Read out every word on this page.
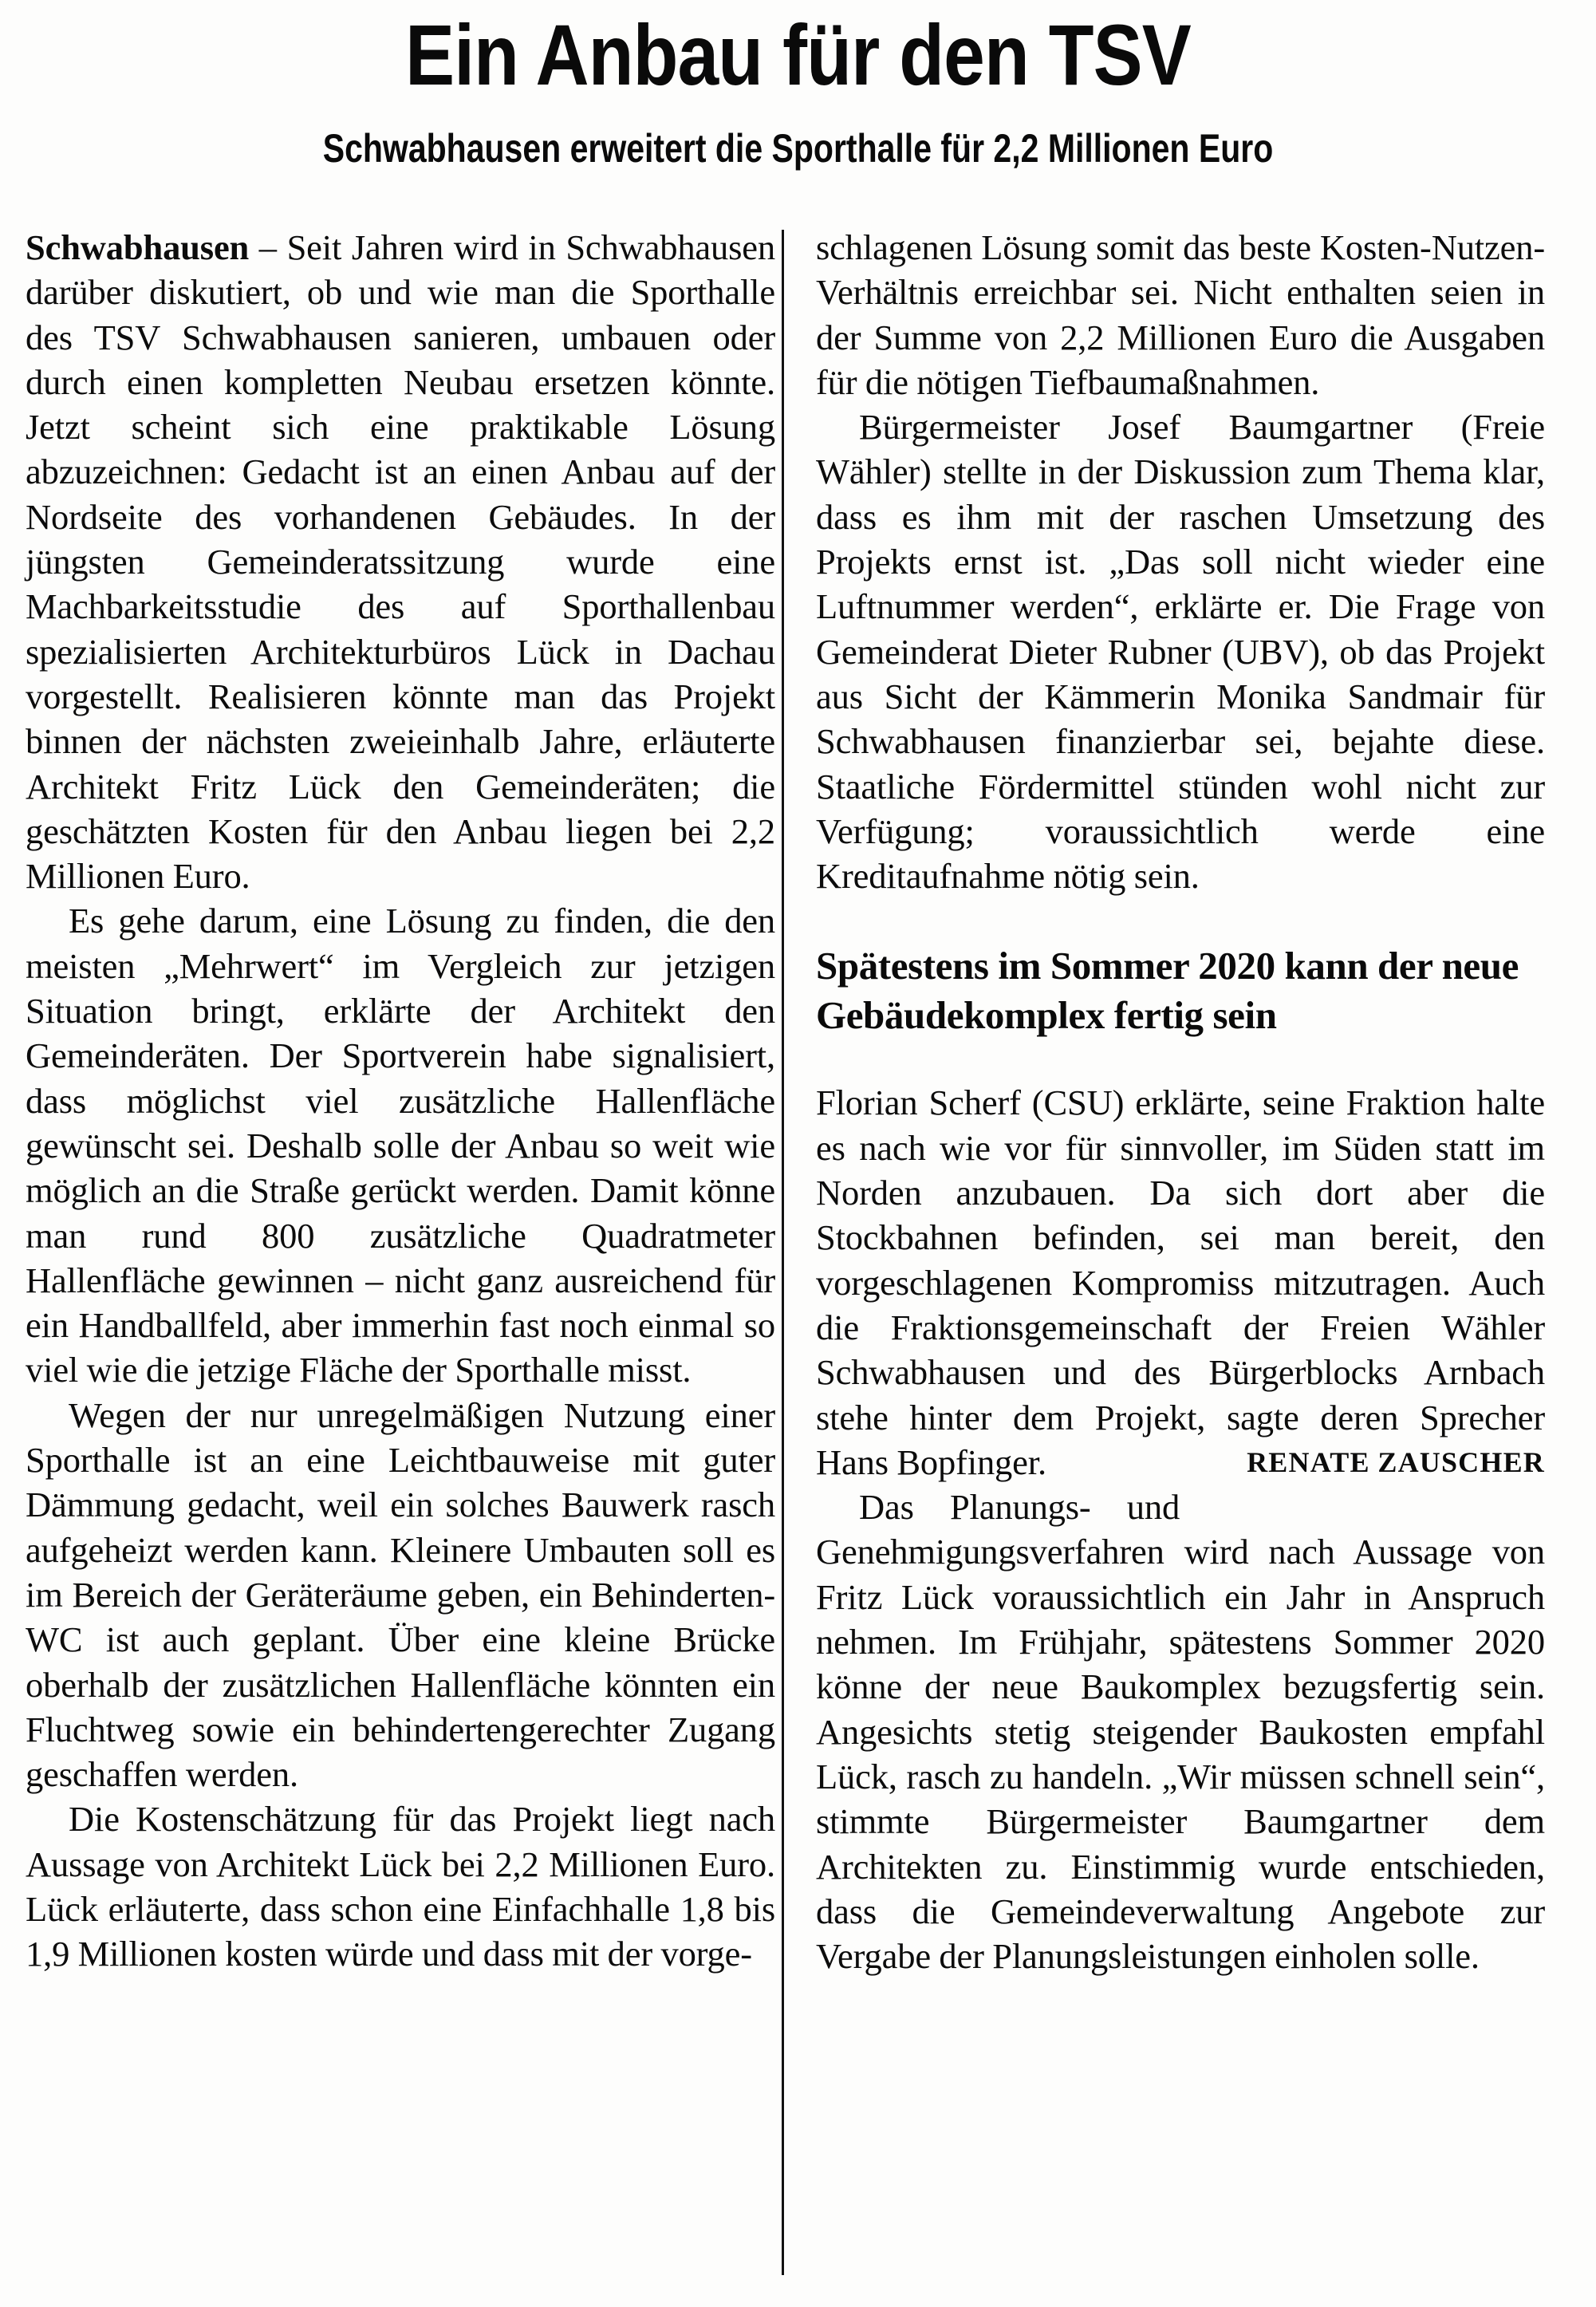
Ein Anbau für den TSV
Schwabhausen erweitert die Sporthalle für 2,2 Millionen Euro

Schwabhausen – Seit Jahren wird in Schwabhausen darüber diskutiert, ob und wie man die Sporthalle des TSV Schwabhausen sanieren, umbauen oder durch einen kompletten Neubau ersetzen könnte. Jetzt scheint sich eine praktikable Lösung abzuzeichnen: Gedacht ist an einen Anbau auf der Nordseite des vorhandenen Gebäudes. In der jüngsten Gemeinderatssitzung wurde eine Machbarkeitsstudie des auf Sporthallenbau spezialisierten Architekturbüros Lück in Dachau vorgestellt. Realisieren könnte man das Projekt binnen der nächsten zweieinhalb Jahre, erläuterte Architekt Fritz Lück den Gemeinderäten; die geschätzten Kosten für den Anbau liegen bei 2,2 Millionen Euro.

Es gehe darum, eine Lösung zu finden, die den meisten „Mehrwert“ im Vergleich zur jetzigen Situation bringt, erklärte der Architekt den Gemeinderäten. Der Sportverein habe signalisiert, dass möglichst viel zusätzliche Hallenfläche gewünscht sei. Deshalb solle der Anbau so weit wie möglich an die Straße gerückt werden. Damit könne man rund 800 zusätzliche Quadratmeter Hallenfläche gewinnen – nicht ganz ausreichend für ein Handballfeld, aber immerhin fast noch einmal so viel wie die jetzige Fläche der Sporthalle misst.

Wegen der nur unregelmäßigen Nutzung einer Sporthalle ist an eine Leichtbauweise mit guter Dämmung gedacht, weil ein solches Bauwerk rasch aufgeheizt werden kann. Kleinere Umbauten soll es im Bereich der Geräteräume geben, ein Behinderten-WC ist auch geplant. Über eine kleine Brücke oberhalb der zusätzlichen Hallenfläche könnten ein Fluchtweg sowie ein behindertengerechter Zugang geschaffen werden.

Die Kostenschätzung für das Projekt liegt nach Aussage von Architekt Lück bei 2,2 Millionen Euro. Lück erläuterte, dass schon eine Einfachhalle 1,8 bis 1,9 Millionen kosten würde und dass mit der vorge-

schlagenen Lösung somit das beste Kosten-Nutzen-Verhältnis erreichbar sei. Nicht enthalten seien in der Summe von 2,2 Millionen Euro die Ausgaben für die nötigen Tiefbaumaßnahmen.

Bürgermeister Josef Baumgartner (Freie Wähler) stellte in der Diskussion zum Thema klar, dass es ihm mit der raschen Umsetzung des Projekts ernst ist. „Das soll nicht wieder eine Luftnummer werden“, erklärte er. Die Frage von Gemeinderat Dieter Rubner (UBV), ob das Projekt aus Sicht der Kämmerin Monika Sandmair für Schwabhausen finanzierbar sei, bejahte diese. Staatliche Fördermittel stünden wohl nicht zur Verfügung; voraussichtlich werde eine Kreditaufnahme nötig sein.

Spätestens im Sommer 2020 kann der neue Gebäudekomplex fertig sein

Florian Scherf (CSU) erklärte, seine Fraktion halte es nach wie vor für sinnvoller, im Süden statt im Norden anzubauen. Da sich dort aber die Stockbahnen befinden, sei man bereit, den vorgeschlagenen Kompromiss mitzutragen. Auch die Fraktionsgemeinschaft der Freien Wähler Schwabhausen und des Bürgerblocks Arnbach stehe hinter dem Projekt, sagte deren Sprecher Hans Bopfinger.	RENATE ZAUSCHER
Das Planungs- und Genehmigungsverfahren wird nach Aussage von Fritz Lück voraussichtlich ein Jahr in Anspruch nehmen. Im Frühjahr, spätestens Sommer 2020 könne der neue Baukomplex bezugsfertig sein. Angesichts stetig steigender Baukosten empfahl Lück, rasch zu handeln. „Wir müssen schnell sein“, stimmte Bürgermeister Baumgartner dem Architekten zu. Einstimmig wurde entschieden, dass die Gemeindeverwaltung Angebote zur Vergabe der Planungsleistungen einholen solle.
